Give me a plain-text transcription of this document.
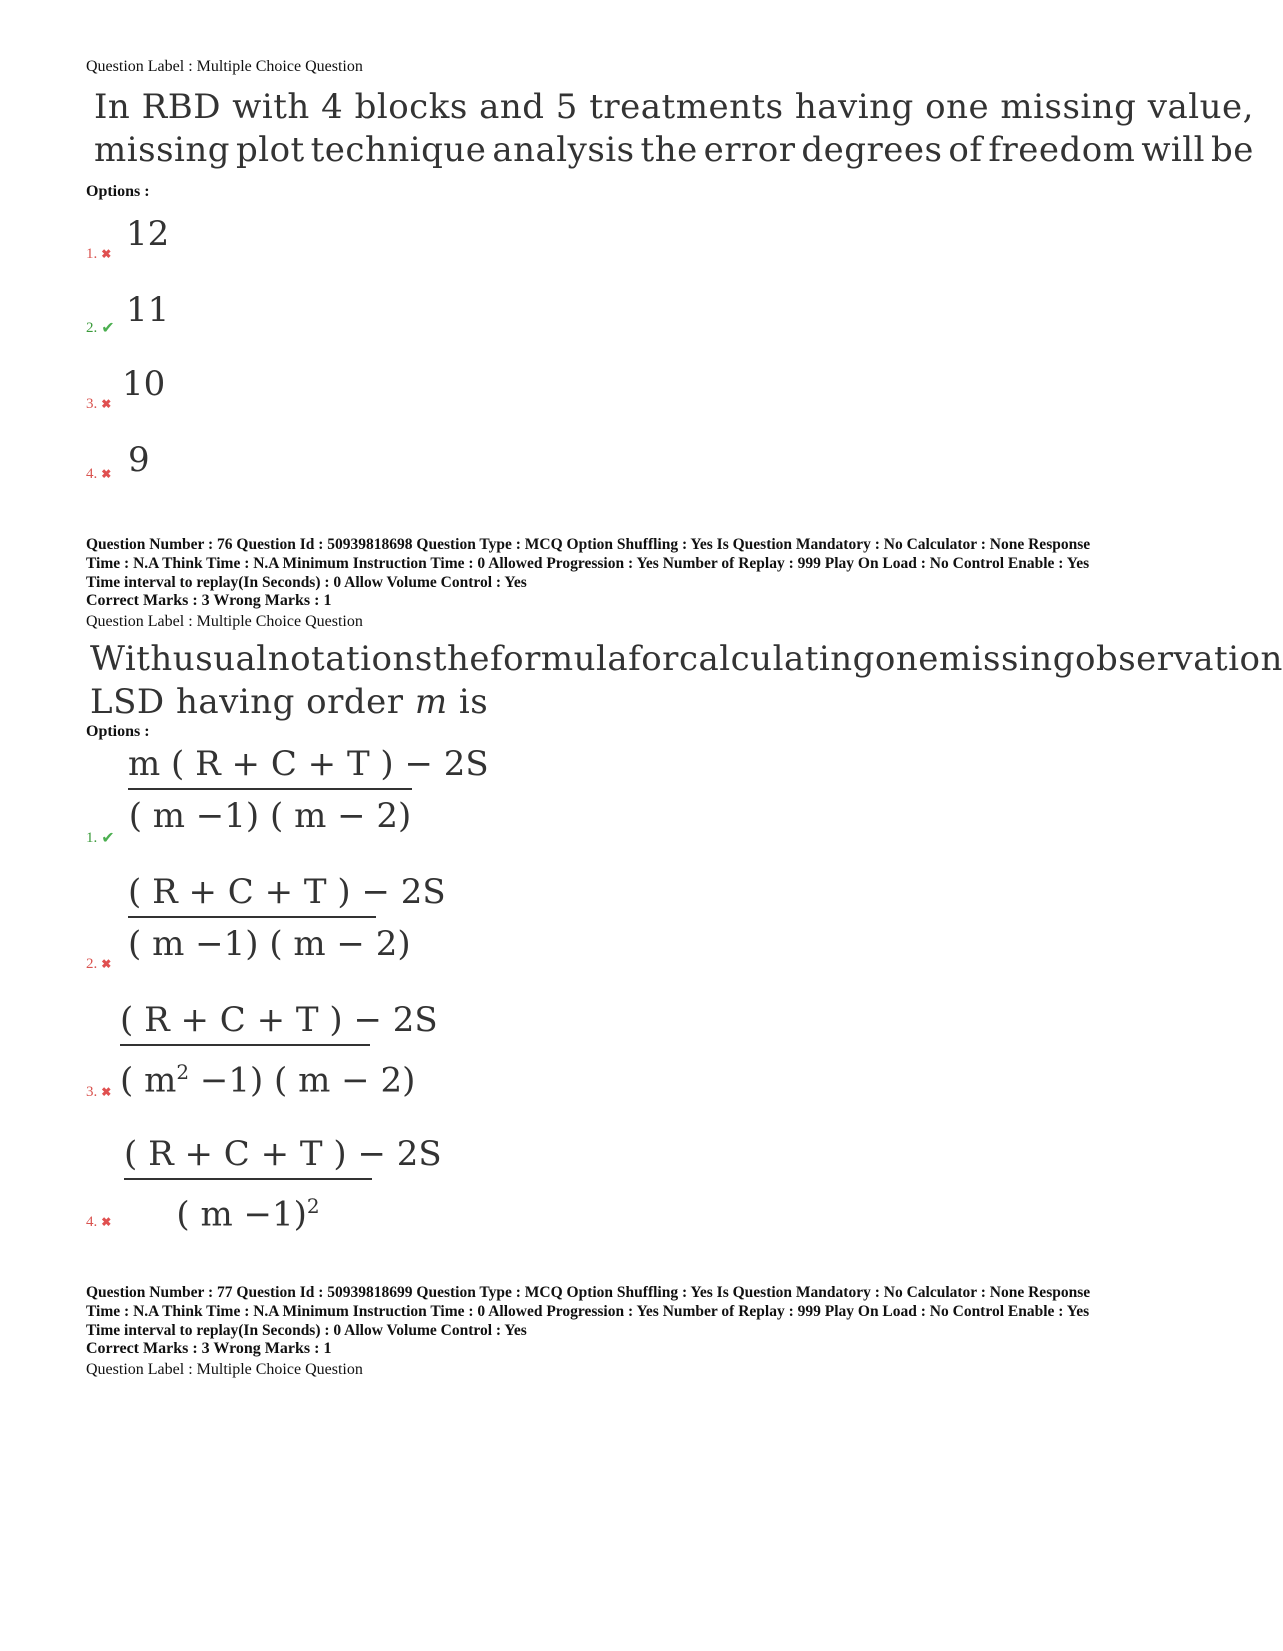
Question Label : Multiple Choice Question
In RBD with 4 blocks and 5 treatments having one missing value,
missing plot technique analysis the error degrees of freedom will be
Options :
1. ✖ 12
2. ✔ 11
3. ✖ 10
4. ✖ 9
Question Number : 76 Question Id : 50939818698 Question Type : MCQ Option Shuffling : Yes Is Question Mandatory : No Calculator : None Response
Time : N.A Think Time : N.A Minimum Instruction Time : 0 Allowed Progression : Yes Number of Replay : 999 Play On Load : No Control Enable : Yes
Time interval to replay(In Seconds) : 0 Allow Volume Control : Yes
Correct Marks : 3 Wrong Marks : 1
Question Label : Multiple Choice Question
With usual notations the formula for calculating one missing observation
LSD having order m is
Options :
m ( R + C + T ) − 2S
( m −1) ( m − 2)
1. ✔
( R + C + T ) − 2S
( m −1) ( m − 2)
2. ✖
( R + C + T ) − 2S
( $m^2 -1$) ( m − 2)
3. ✖
( R + C + T ) − 2S
( m −1)$^2$
4. ✖
Question Number : 77 Question Id : 50939818699 Question Type : MCQ Option Shuffling : Yes Is Question Mandatory : No Calculator : None Response
Time : N.A Think Time : N.A Minimum Instruction Time : 0 Allowed Progression : Yes Number of Replay : 999 Play On Load : No Control Enable : Yes
Time interval to replay(In Seconds) : 0 Allow Volume Control : Yes
Correct Marks : 3 Wrong Marks : 1
Question Label : Multiple Choice Question
